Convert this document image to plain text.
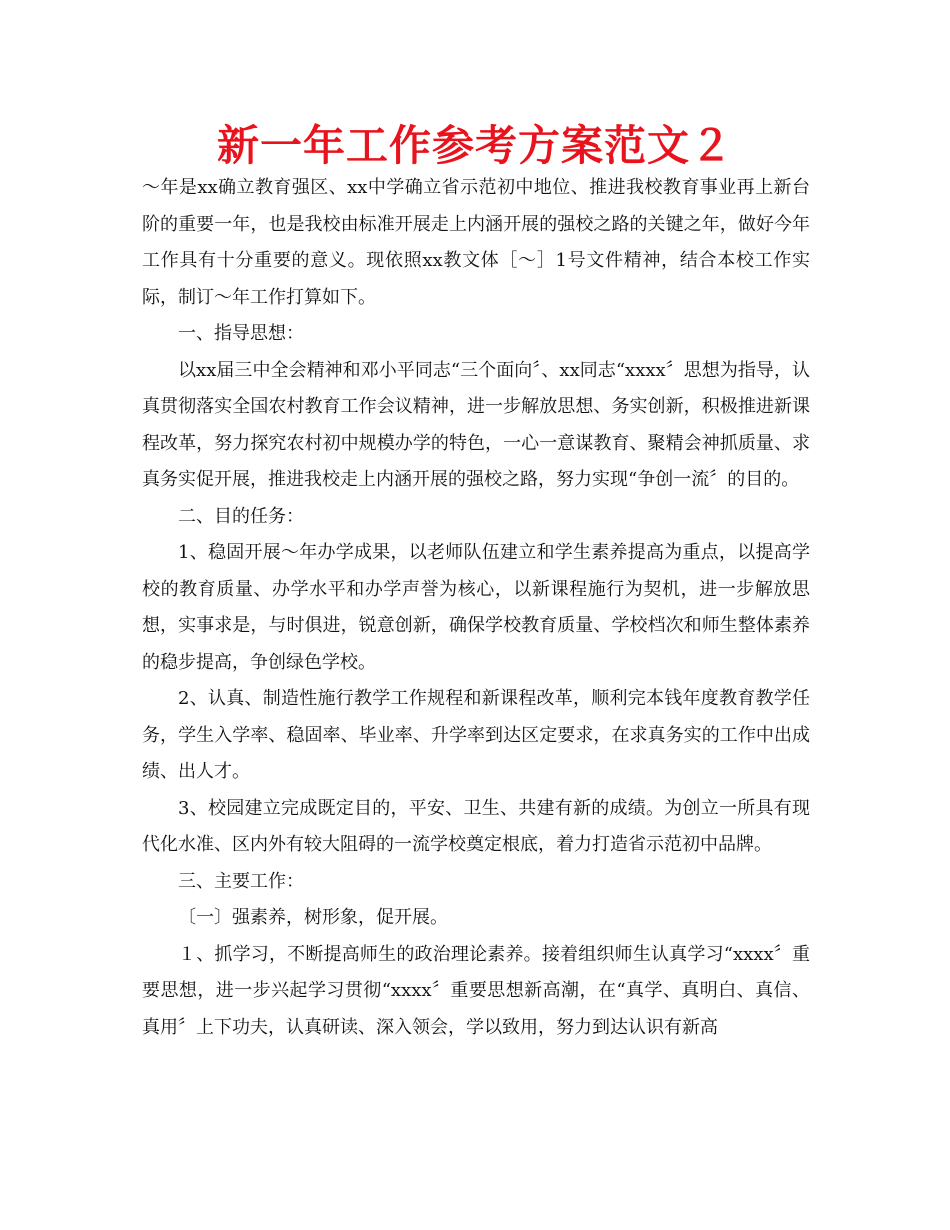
新一年工作参考方案范文２

～年是xx确立教育强区、xx中学确立省示范初中地位、推进我校教育事业再上新台阶的重要一年，也是我校由标准开展走上内涵开展的强校之路的关键之年，做好今年工作具有十分重要的意义。现依照xx教文体［～］1号文件精神，结合本校工作实际，制订～年工作打算如下。

一、指导思想：

以xx届三中全会精神和邓小平同志“三个面向〞、xx同志“xxxx〞思想为指导，认真贯彻落实全国农村教育工作会议精神，进一步解放思想、务实创新，积极推进新课程改革，努力探究农村初中规模办学的特色，一心一意谋教育、聚精会神抓质量、求真务实促开展，推进我校走上内涵开展的强校之路，努力实现“争创一流〞的目的。

二、目的任务：

1、稳固开展～年办学成果，以老师队伍建立和学生素养提高为重点，以提高学校的教育质量、办学水平和办学声誉为核心，以新课程施行为契机，进一步解放思想，实事求是，与时俱进，锐意创新，确保学校教育质量、学校档次和师生整体素养的稳步提高，争创绿色学校。

2、认真、制造性施行教学工作规程和新课程改革，顺利完本钱年度教育教学任务，学生入学率、稳固率、毕业率、升学率到达区定要求，在求真务实的工作中出成绩、出人才。

3、校园建立完成既定目的，平安、卫生、共建有新的成绩。为创立一所具有现代化水准、区内外有较大阻碍的一流学校奠定根底，着力打造省示范初中品牌。

三、主要工作：

〔一〕强素养，树形象，促开展。

１、抓学习，不断提高师生的政治理论素养。接着组织师生认真学习“xxxx〞重要思想，进一步兴起学习贯彻“xxxx〞重要思想新高潮，在“真学、真明白、真信、真用〞上下功夫，认真研读、深入领会，学以致用，努力到达认识有新高
